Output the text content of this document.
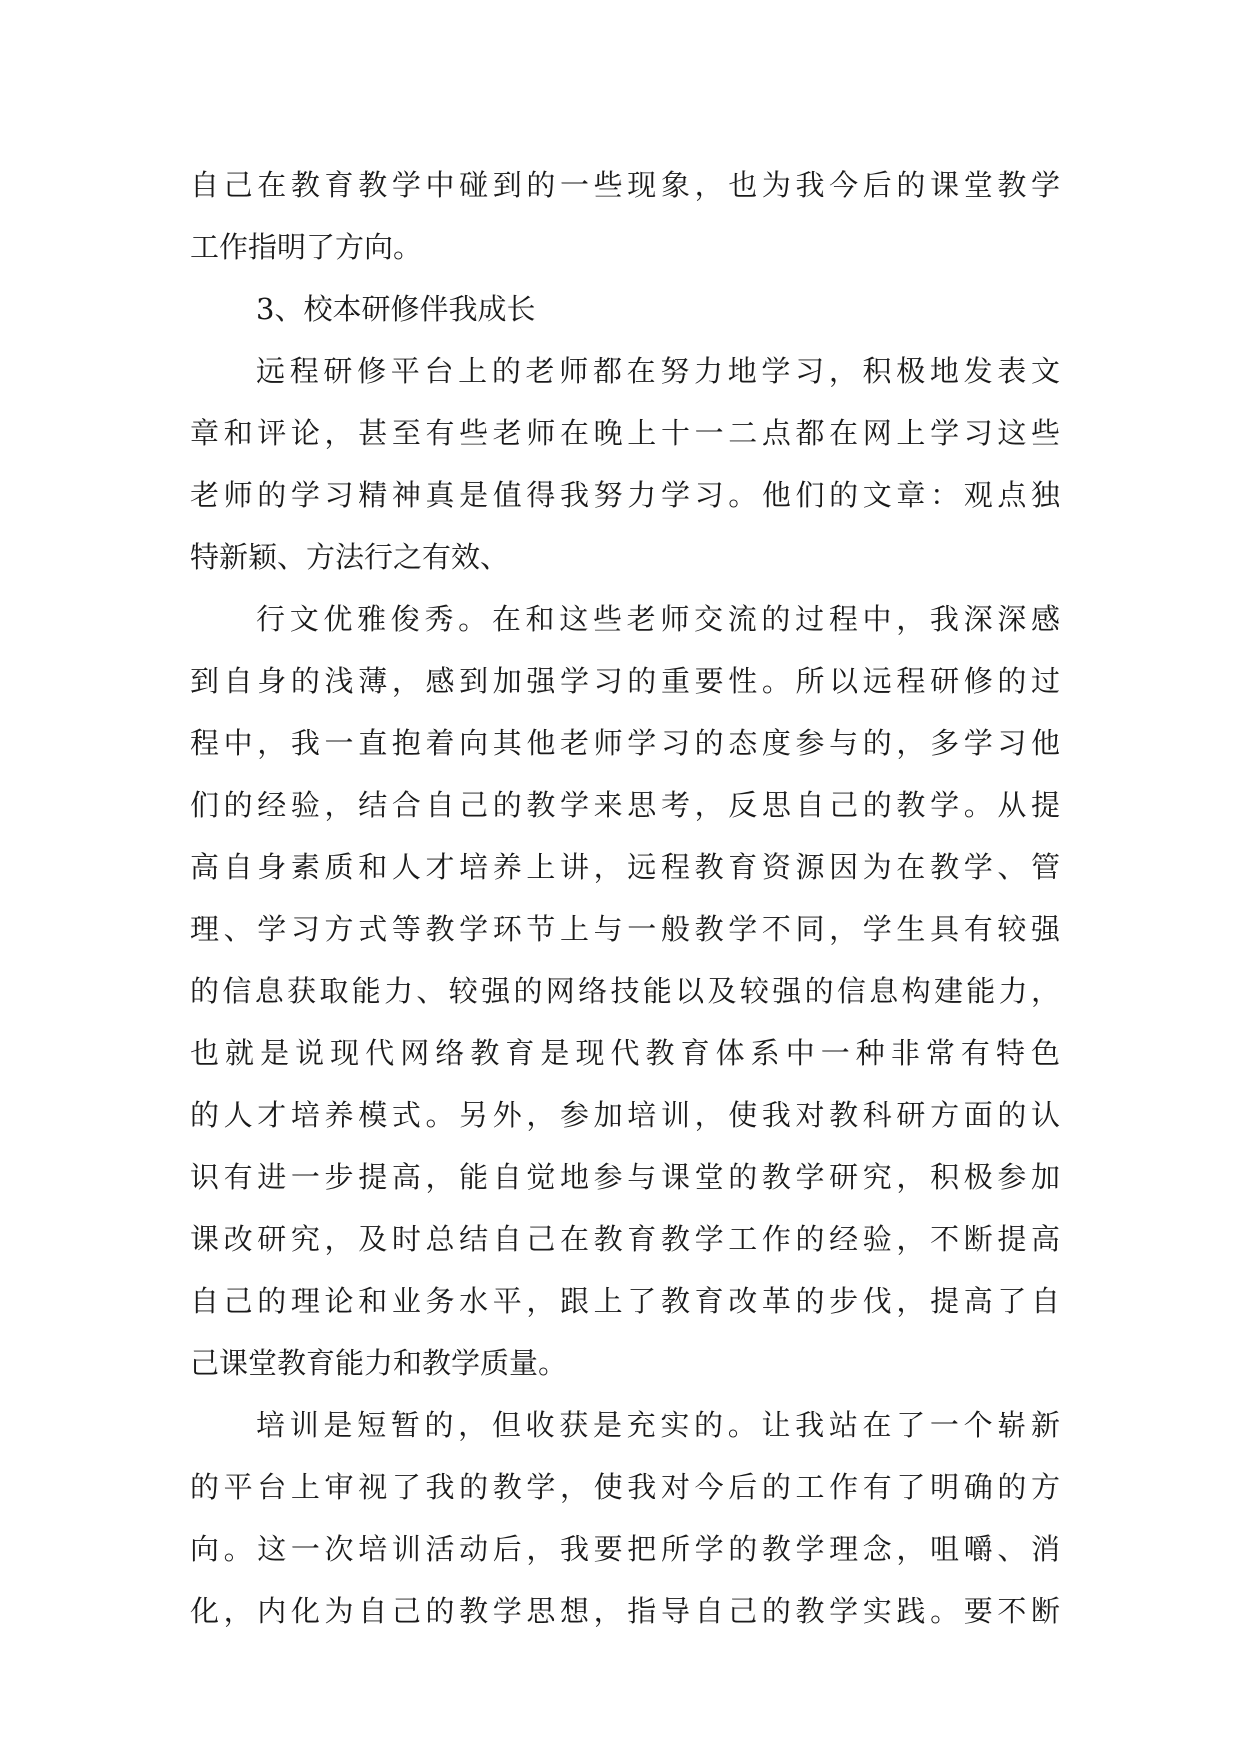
自己在教育教学中碰到的一些现象，也为我今后的课堂教学
工作指明了方向。
3、校本研修伴我成长
远程研修平台上的老师都在努力地学习，积极地发表文
章和评论，甚至有些老师在晚上十一二点都在网上学习这些
老师的学习精神真是值得我努力学习。他们的文章：观点独
特新颖、方法行之有效、
行文优雅俊秀。在和这些老师交流的过程中，我深深感
到自身的浅薄，感到加强学习的重要性。所以远程研修的过
程中，我一直抱着向其他老师学习的态度参与的，多学习他
们的经验，结合自己的教学来思考，反思自己的教学。从提
高自身素质和人才培养上讲，远程教育资源因为在教学、管
理、学习方式等教学环节上与一般教学不同，学生具有较强
的信息获取能力、较强的网络技能以及较强的信息构建能力，
也就是说现代网络教育是现代教育体系中一种非常有特色
的人才培养模式。另外，参加培训，使我对教科研方面的认
识有进一步提高，能自觉地参与课堂的教学研究，积极参加
课改研究，及时总结自己在教育教学工作的经验，不断提高
自己的理论和业务水平，跟上了教育改革的步伐，提高了自
己课堂教育能力和教学质量。
培训是短暂的，但收获是充实的。让我站在了一个崭新
的平台上审视了我的教学，使我对今后的工作有了明确的方
向。这一次培训活动后，我要把所学的教学理念，咀嚼、消
化，内化为自己的教学思想，指导自己的教学实践。要不断
